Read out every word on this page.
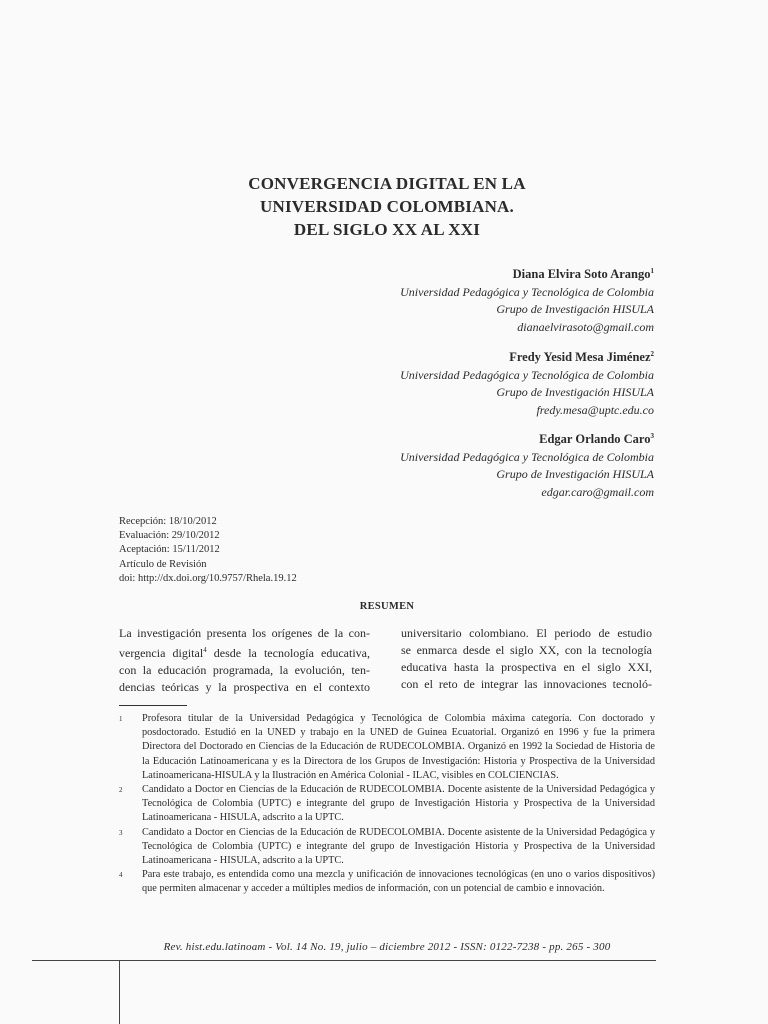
CONVERGENCIA DIGITAL EN LA
UNIVERSIDAD COLOMBIANA.
DEL SIGLO XX AL XXI
Diana Elvira Soto Arango$^1$
Universidad Pedagógica y Tecnológica de Colombia
Grupo de Investigación HISULA
dianaelvirasoto@gmail.com
Fredy Yesid Mesa Jiménez$^2$
Universidad Pedagógica y Tecnológica de Colombia
Grupo de Investigación HISULA
fredy.mesa@uptc.edu.co
Edgar Orlando Caro$^3$
Universidad Pedagógica y Tecnológica de Colombia
Grupo de Investigación HISULA
edgar.caro@gmail.com
Recepción: 18/10/2012
Evaluación: 29/10/2012
Aceptación: 15/11/2012
Artículo de Revisión
doi: http://dx.doi.org/10.9757/Rhela.19.12
RESUMEN
La investigación presenta los orígenes de la con-
vergencia digital$^4$ desde la tecnología educativa,
con la educación programada, la evolución, ten-
dencias teóricas y la prospectiva en el contexto
universitario colombiano. El periodo de estudio
se enmarca desde el siglo XX, con la tecnología
educativa hasta la prospectiva en el siglo XXI,
con el reto de integrar las innovaciones tecnoló-
1 Profesora titular de la Universidad Pedagógica y Tecnológica de Colombia máxima categoría. Con doctorado y posdoctorado. Estudió en la UNED y trabajo en la UNED de Guinea Ecuatorial. Organizó en 1996 y fue la primera Directora del Doctorado en Ciencias de la Educación de RUDECOLOMBIA. Organizó en 1992 la Sociedad de Historia de la Educación Latinoamericana y es la Directora de los Grupos de Investigación: Historia y Prospectiva de la Universidad Latinoamericana-HISULA y la Ilustración en América Colonial - ILAC, visibles en COLCIENCIAS.
2 Candidato a Doctor en Ciencias de la Educación de RUDECOLOMBIA. Docente asistente de la Universidad Pedagógica y Tecnológica de Colombia (UPTC) e integrante del grupo de Investigación Historia y Prospectiva de la Universidad Latinoamericana - HISULA, adscrito a la UPTC.
3 Candidato a Doctor en Ciencias de la Educación de RUDECOLOMBIA. Docente asistente de la Universidad Pedagógica y Tecnológica de Colombia (UPTC) e integrante del grupo de Investigación Historia y Prospectiva de la Universidad Latinoamericana - HISULA, adscrito a la UPTC.
4 Para este trabajo, es entendida como una mezcla y unificación de innovaciones tecnológicas (en uno o varios dispositivos) que permiten almacenar y acceder a múltiples medios de información, con un potencial de cambio e innovación.
Rev. hist.edu.latinoam - Vol. 14 No. 19, julio – diciembre 2012 - ISSN: 0122-7238 - pp. 265 - 300
